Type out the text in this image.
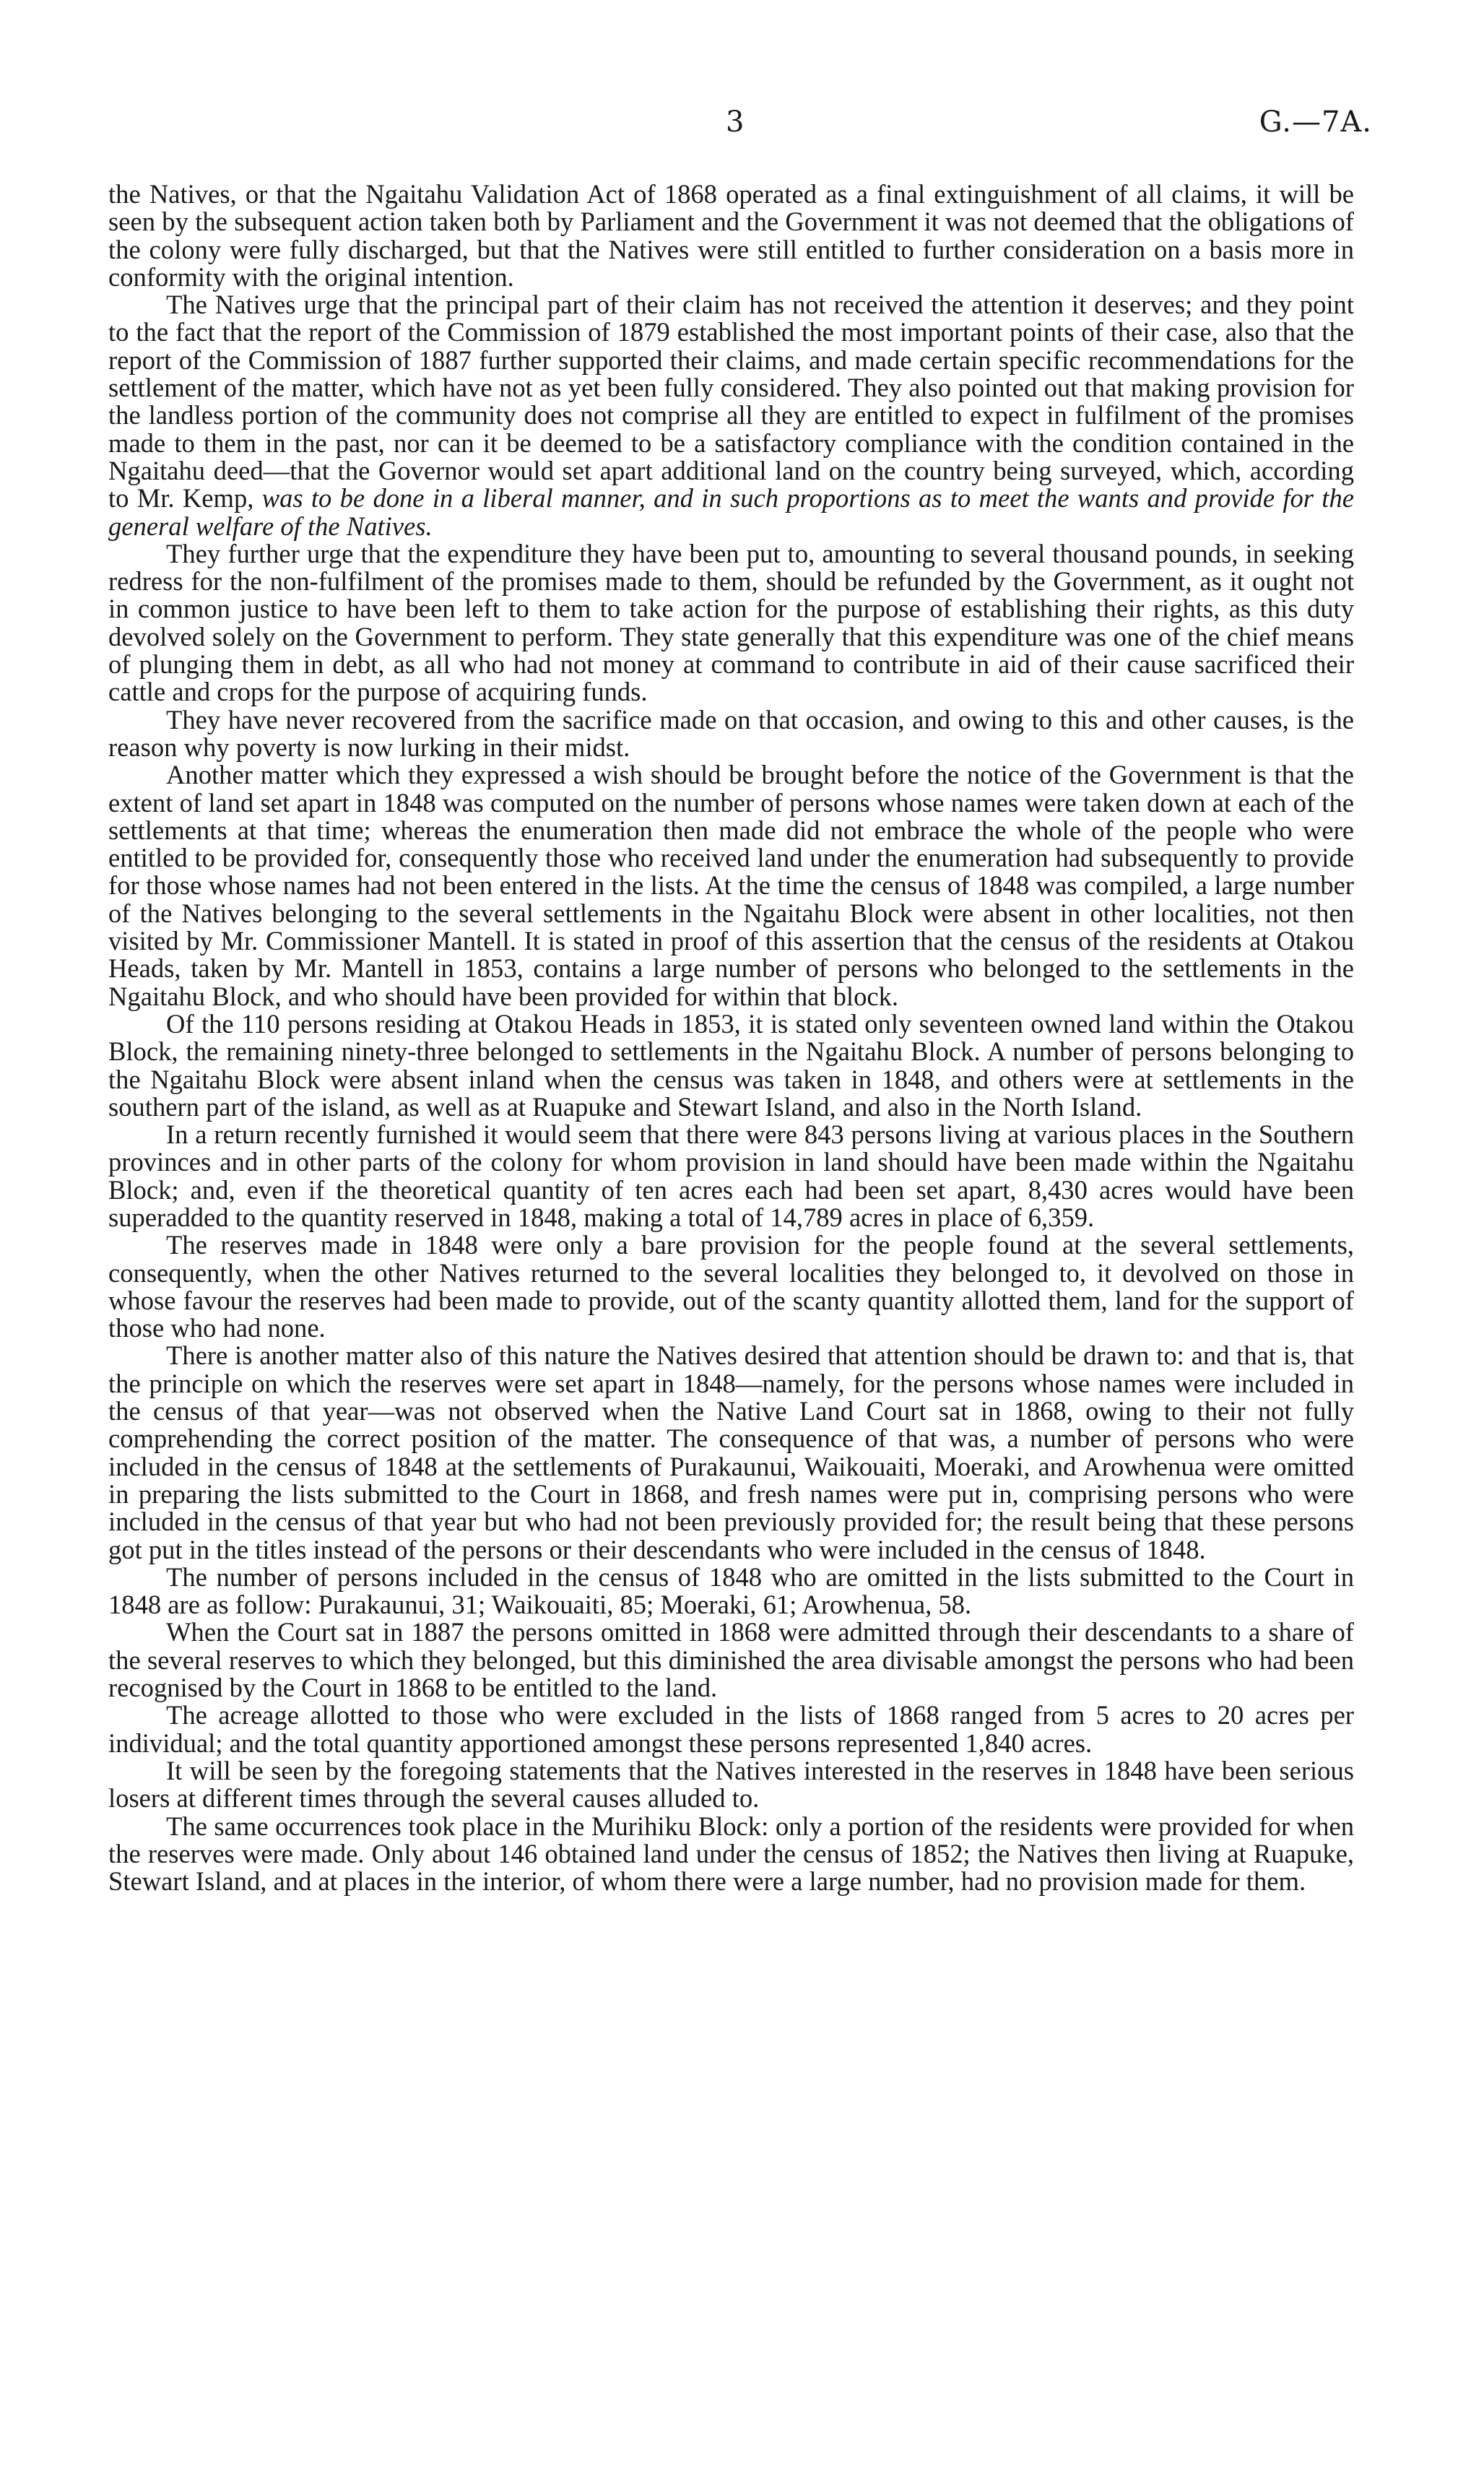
3	G.—7A.

the Natives, or that the Ngaitahu Validation Act of 1868 operated as a final extinguishment of all claims, it will be seen by the subsequent action taken both by Parliament and the Government it was not deemed that the obligations of the colony were fully discharged, but that the Natives were still entitled to further consideration on a basis more in conformity with the original intention.

The Natives urge that the principal part of their claim has not received the attention it deserves; and they point to the fact that the report of the Commission of 1879 established the most important points of their case, also that the report of the Commission of 1887 further supported their claims, and made certain specific recommendations for the settlement of the matter, which have not as yet been fully considered. They also pointed out that making provision for the landless portion of the community does not comprise all they are entitled to expect in fulfilment of the promises made to them in the past, nor can it be deemed to be a satisfactory compliance with the condition contained in the Ngaitahu deed—that the Governor would set apart additional land on the country being surveyed, which, according to Mr. Kemp, was to be done in a liberal manner, and in such proportions as to meet the wants and provide for the general welfare of the Natives.

They further urge that the expenditure they have been put to, amounting to several thousand pounds, in seeking redress for the non-fulfilment of the promises made to them, should be refunded by the Government, as it ought not in common justice to have been left to them to take action for the purpose of establishing their rights, as this duty devolved solely on the Government to perform. They state generally that this expenditure was one of the chief means of plunging them in debt, as all who had not money at command to contribute in aid of their cause sacrificed their cattle and crops for the purpose of acquiring funds.

They have never recovered from the sacrifice made on that occasion, and owing to this and other causes, is the reason why poverty is now lurking in their midst.

Another matter which they expressed a wish should be brought before the notice of the Government is that the extent of land set apart in 1848 was computed on the number of persons whose names were taken down at each of the settlements at that time; whereas the enumeration then made did not embrace the whole of the people who were entitled to be provided for, consequently those who received land under the enumeration had subsequently to provide for those whose names had not been entered in the lists. At the time the census of 1848 was compiled, a large number of the Natives belonging to the several settlements in the Ngaitahu Block were absent in other localities, not then visited by Mr. Commissioner Mantell. It is stated in proof of this assertion that the census of the residents at Otakou Heads, taken by Mr. Mantell in 1853, contains a large number of persons who belonged to the settlements in the Ngaitahu Block, and who should have been provided for within that block.

Of the 110 persons residing at Otakou Heads in 1853, it is stated only seventeen owned land within the Otakou Block, the remaining ninety-three belonged to settlements in the Ngaitahu Block. A number of persons belonging to the Ngaitahu Block were absent inland when the census was taken in 1848, and others were at settlements in the southern part of the island, as well as at Ruapuke and Stewart Island, and also in the North Island.

In a return recently furnished it would seem that there were 843 persons living at various places in the Southern provinces and in other parts of the colony for whom provision in land should have been made within the Ngaitahu Block; and, even if the theoretical quantity of ten acres each had been set apart, 8,430 acres would have been superadded to the quantity reserved in 1848, making a total of 14,789 acres in place of 6,359.

The reserves made in 1848 were only a bare provision for the people found at the several settlements, consequently, when the other Natives returned to the several localities they belonged to, it devolved on those in whose favour the reserves had been made to provide, out of the scanty quantity allotted them, land for the support of those who had none.

There is another matter also of this nature the Natives desired that attention should be drawn to: and that is, that the principle on which the reserves were set apart in 1848—namely, for the persons whose names were included in the census of that year—was not observed when the Native Land Court sat in 1868, owing to their not fully comprehending the correct position of the matter. The consequence of that was, a number of persons who were included in the census of 1848 at the settlements of Purakaunui, Waikouaiti, Moeraki, and Arowhenua were omitted in preparing the lists submitted to the Court in 1868, and fresh names were put in, comprising persons who were included in the census of that year but who had not been previously provided for; the result being that these persons got put in the titles instead of the persons or their descendants who were included in the census of 1848.

The number of persons included in the census of 1848 who are omitted in the lists submitted to the Court in 1848 are as follow: Purakaunui, 31; Waikouaiti, 85; Moeraki, 61; Arowhenua, 58.

When the Court sat in 1887 the persons omitted in 1868 were admitted through their descendants to a share of the several reserves to which they belonged, but this diminished the area divisable amongst the persons who had been recognised by the Court in 1868 to be entitled to the land.

The acreage allotted to those who were excluded in the lists of 1868 ranged from 5 acres to 20 acres per individual; and the total quantity apportioned amongst these persons represented 1,840 acres.

It will be seen by the foregoing statements that the Natives interested in the reserves in 1848 have been serious losers at different times through the several causes alluded to.

The same occurrences took place in the Murihiku Block: only a portion of the residents were provided for when the reserves were made. Only about 146 obtained land under the census of 1852; the Natives then living at Ruapuke, Stewart Island, and at places in the interior, of whom there were a large number, had no provision made for them.
